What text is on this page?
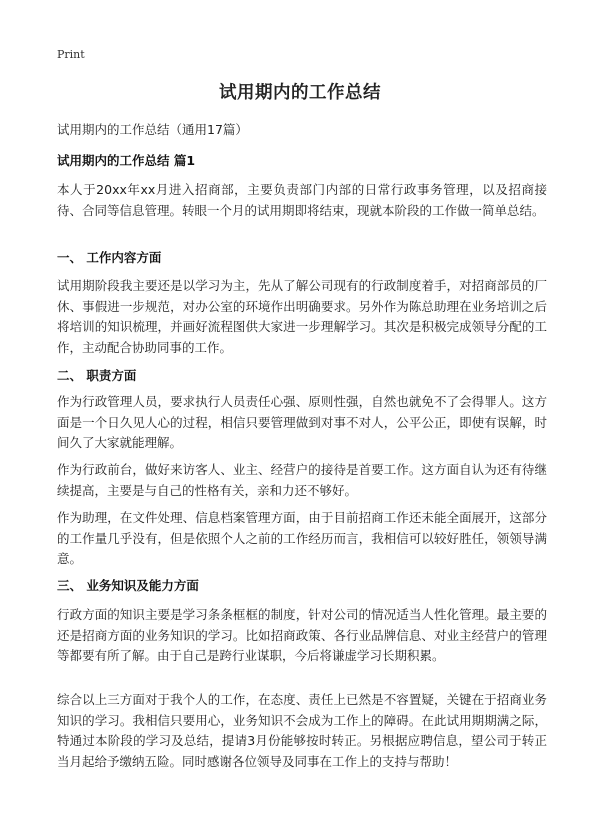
Print

试用期内的工作总结

试用期内的工作总结（通用17篇）

试用期内的工作总结 篇1

本人于20xx年xx月进入招商部，主要负责部门内部的日常行政事务管理，以及招商接待、合同等信息管理。转眼一个月的试用期即将结束，现就本阶段的工作做一简单总结。

一、 工作内容方面

试用期阶段我主要还是以学习为主，先从了解公司现有的行政制度着手，对招商部员的厂休、事假进一步规范，对办公室的环境作出明确要求。另外作为陈总助理在业务培训之后将培训的知识梳理，并画好流程图供大家进一步理解学习。其次是积极完成领导分配的工作，主动配合协助同事的工作。

二、 职责方面

作为行政管理人员，要求执行人员责任心强、原则性强，自然也就免不了会得罪人。这方面是一个日久见人心的过程，相信只要管理做到对事不对人，公平公正，即使有误解，时间久了大家就能理解。

作为行政前台，做好来访客人、业主、经营户的接待是首要工作。这方面自认为还有待继续提高，主要是与自己的性格有关，亲和力还不够好。

作为助理，在文件处理、信息档案管理方面，由于目前招商工作还未能全面展开，这部分的工作量几乎没有，但是依照个人之前的工作经历而言，我相信可以较好胜任，领领导满意。

三、 业务知识及能力方面

行政方面的知识主要是学习条条框框的制度，针对公司的情况适当人性化管理。最主要的还是招商方面的业务知识的学习。比如招商政策、各行业品牌信息、对业主经营户的管理等都要有所了解。由于自己是跨行业谋职，今后将谦虚学习长期积累。

综合以上三方面对于我个人的工作，在态度、责任上已然是不容置疑，关键在于招商业务知识的学习。我相信只要用心，业务知识不会成为工作上的障碍。在此试用期期满之际，特通过本阶段的学习及总结，提请3月份能够按时转正。另根据应聘信息，望公司于转正当月起给予缴纳五险。同时感谢各位领导及同事在工作上的支持与帮助！
